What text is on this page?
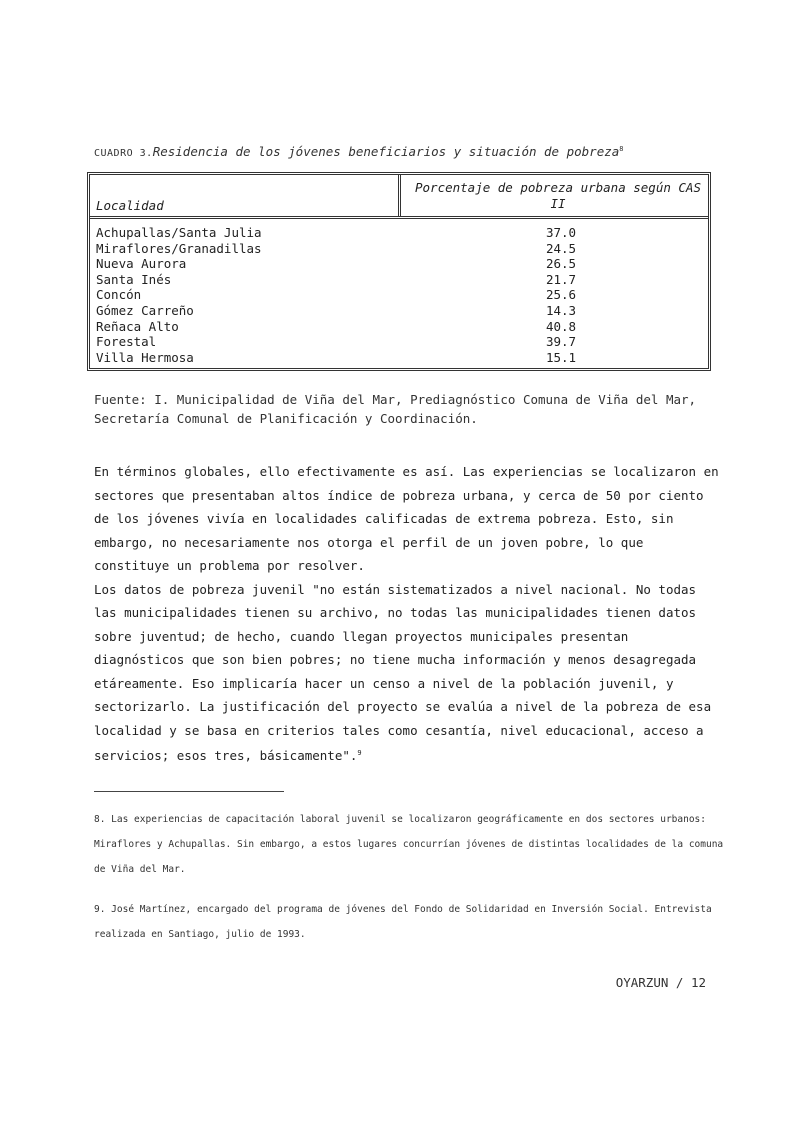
CUADRO 3.Residencia de los jóvenes beneficiarios y situación de pobreza$^8$
Localidad
Porcentaje de pobreza urbana según CAS II
Achupallas/Santa Julia	37.0
Miraflores/Granadillas	24.5
Nueva Aurora	26.5
Santa Inés	21.7
Concón	25.6
Gómez Carreño	14.3
Reñaca Alto	40.8
Forestal	39.7
Villa Hermosa	15.1
Fuente: I. Municipalidad de Viña del Mar, Prediagnóstico Comuna de Viña del Mar, Secretaría Comunal de Planificación y Coordinación.

En términos globales, ello efectivamente es así. Las experiencias se localizaron en sectores que presentaban altos índice de pobreza urbana, y cerca de 50 por ciento de los jóvenes vivía en localidades calificadas de extrema pobreza. Esto, sin embargo, no necesariamente nos otorga el perfil de un joven pobre, lo que constituye un problema por resolver.

Los datos de pobreza juvenil "no están sistematizados a nivel nacional. No todas las municipalidades tienen su archivo, no todas las municipalidades tienen datos sobre juventud; de hecho, cuando llegan proyectos municipales presentan diagnósticos que son bien pobres; no tiene mucha información y menos desagregada etáreamente. Eso implicaría hacer un censo a nivel de la población juvenil, y sectorizarlo. La justificación del proyecto se evalúa a nivel de la pobreza de esa localidad y se basa en criterios tales como cesantía, nivel educacional, acceso a servicios; esos tres, básicamente".$^9$

8. Las experiencias de capacitación laboral juvenil se localizaron geográficamente en dos sectores urbanos: Miraflores y Achupallas. Sin embargo, a estos lugares concurrían jóvenes de distintas localidades de la comuna de Viña del Mar.
9. José Martínez, encargado del programa de jóvenes del Fondo de Solidaridad en Inversión Social. Entrevista realizada en Santiago, julio de 1993.
OYARZUN / 12
